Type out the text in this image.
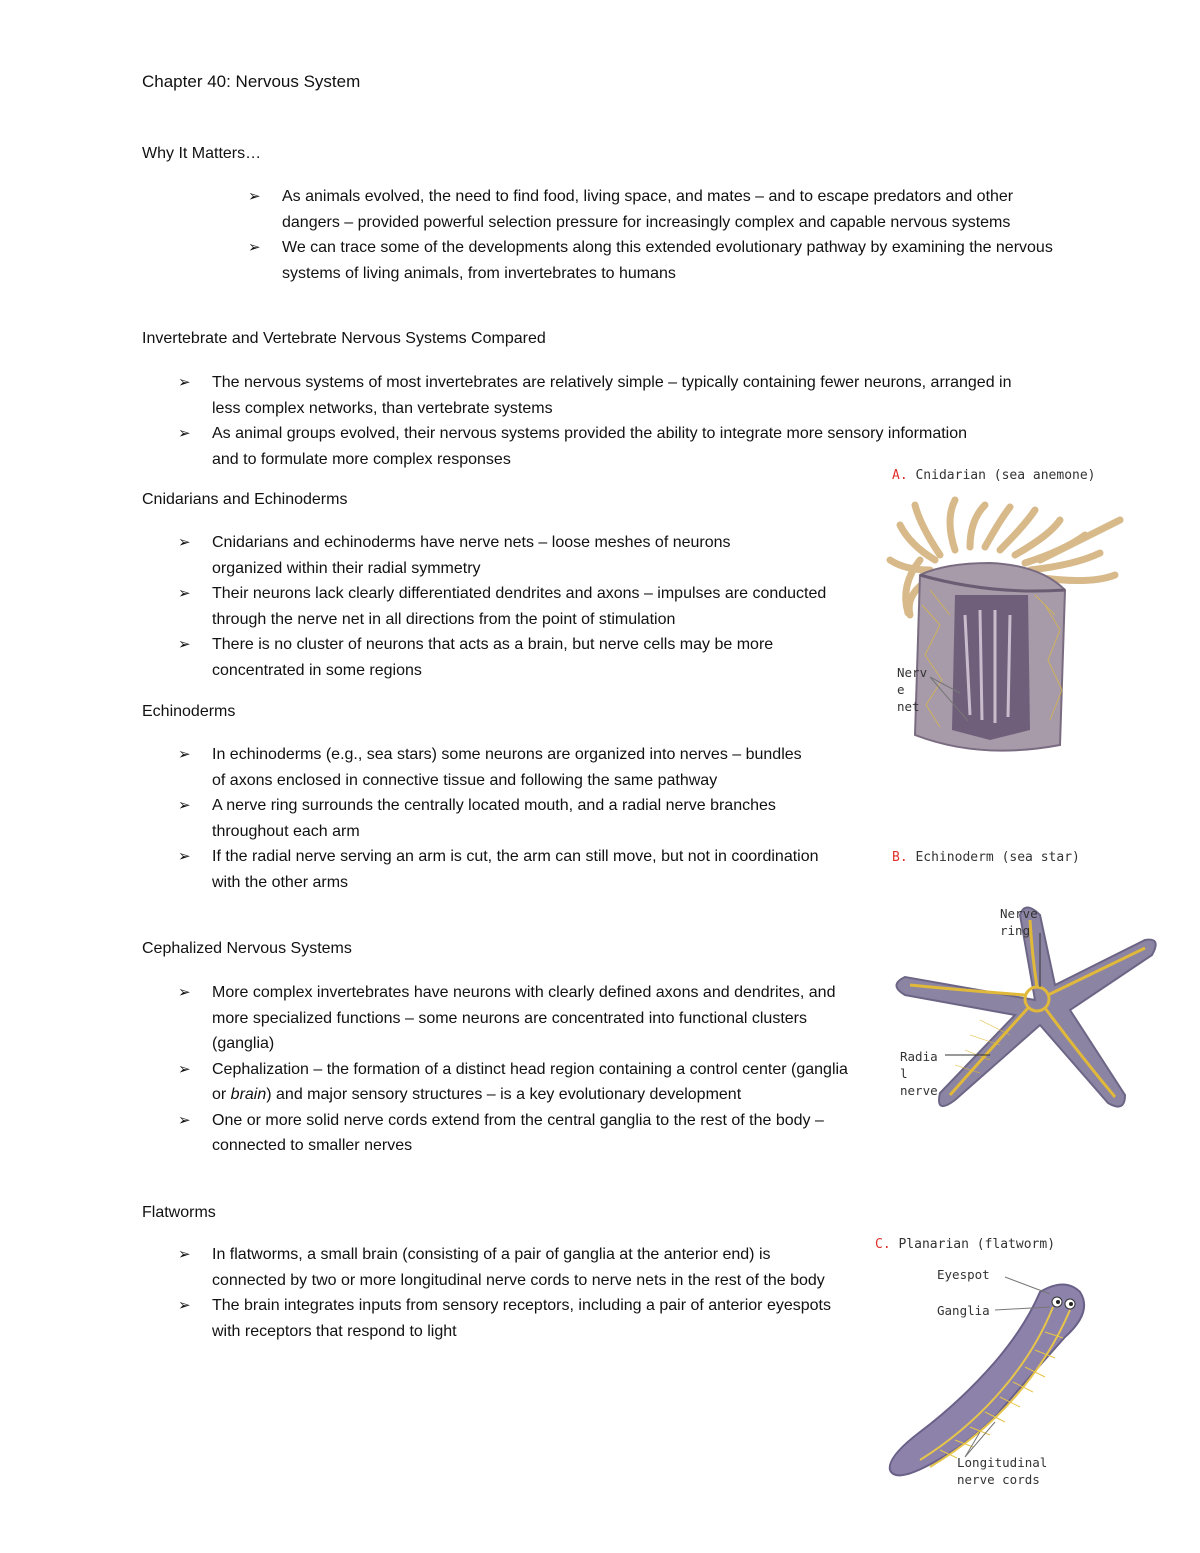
Chapter 40: Nervous System
Why It Matters…
➢ As animals evolved, the need to find food, living space, and mates – and to escape predators and other dangers – provided powerful selection pressure for increasingly complex and capable nervous systems
➢ We can trace some of the developments along this extended evolutionary pathway by examining the nervous systems of living animals, from invertebrates to humans
Invertebrate and Vertebrate Nervous Systems Compared
➢ The nervous systems of most invertebrates are relatively simple – typically containing fewer neurons, arranged in less complex networks, than vertebrate systems
➢ As animal groups evolved, their nervous systems provided the ability to integrate more sensory information and to formulate more complex responses
Cnidarians and Echinoderms
➢ Cnidarians and echinoderms have nerve nets – loose meshes of neurons organized within their radial symmetry
➢ Their neurons lack clearly differentiated dendrites and axons – impulses are conducted through the nerve net in all directions from the point of stimulation
➢ There is no cluster of neurons that acts as a brain, but nerve cells may be more concentrated in some regions
Echinoderms
➢ In echinoderms (e.g., sea stars) some neurons are organized into nerves – bundles of axons enclosed in connective tissue and following the same pathway
➢ A nerve ring surrounds the centrally located mouth, and a radial nerve branches throughout each arm
➢ If the radial nerve serving an arm is cut, the arm can still move, but not in coordination with the other arms
Cephalized Nervous Systems
➢ More complex invertebrates have neurons with clearly defined axons and dendrites, and more specialized functions – some neurons are concentrated into functional clusters (ganglia)
➢ Cephalization – the formation of a distinct head region containing a control center (ganglia or brain) and major sensory structures – is a key evolutionary development
➢ One or more solid nerve cords extend from the central ganglia to the rest of the body – connected to smaller nerves
Flatworms
➢ In flatworms, a small brain (consisting of a pair of ganglia at the anterior end) is connected by two or more longitudinal nerve cords to nerve nets in the rest of the body
➢ The brain integrates inputs from sensory receptors, including a pair of anterior eyespots with receptors that respond to light
A. Cnidarian (sea anemone)
Nerv
e
net
B. Echinoderm (sea star)
Nerve
ring
Radia
l
nerve
C. Planarian (flatworm)
Eyespot
Ganglia
Longitudinal
nerve cords
